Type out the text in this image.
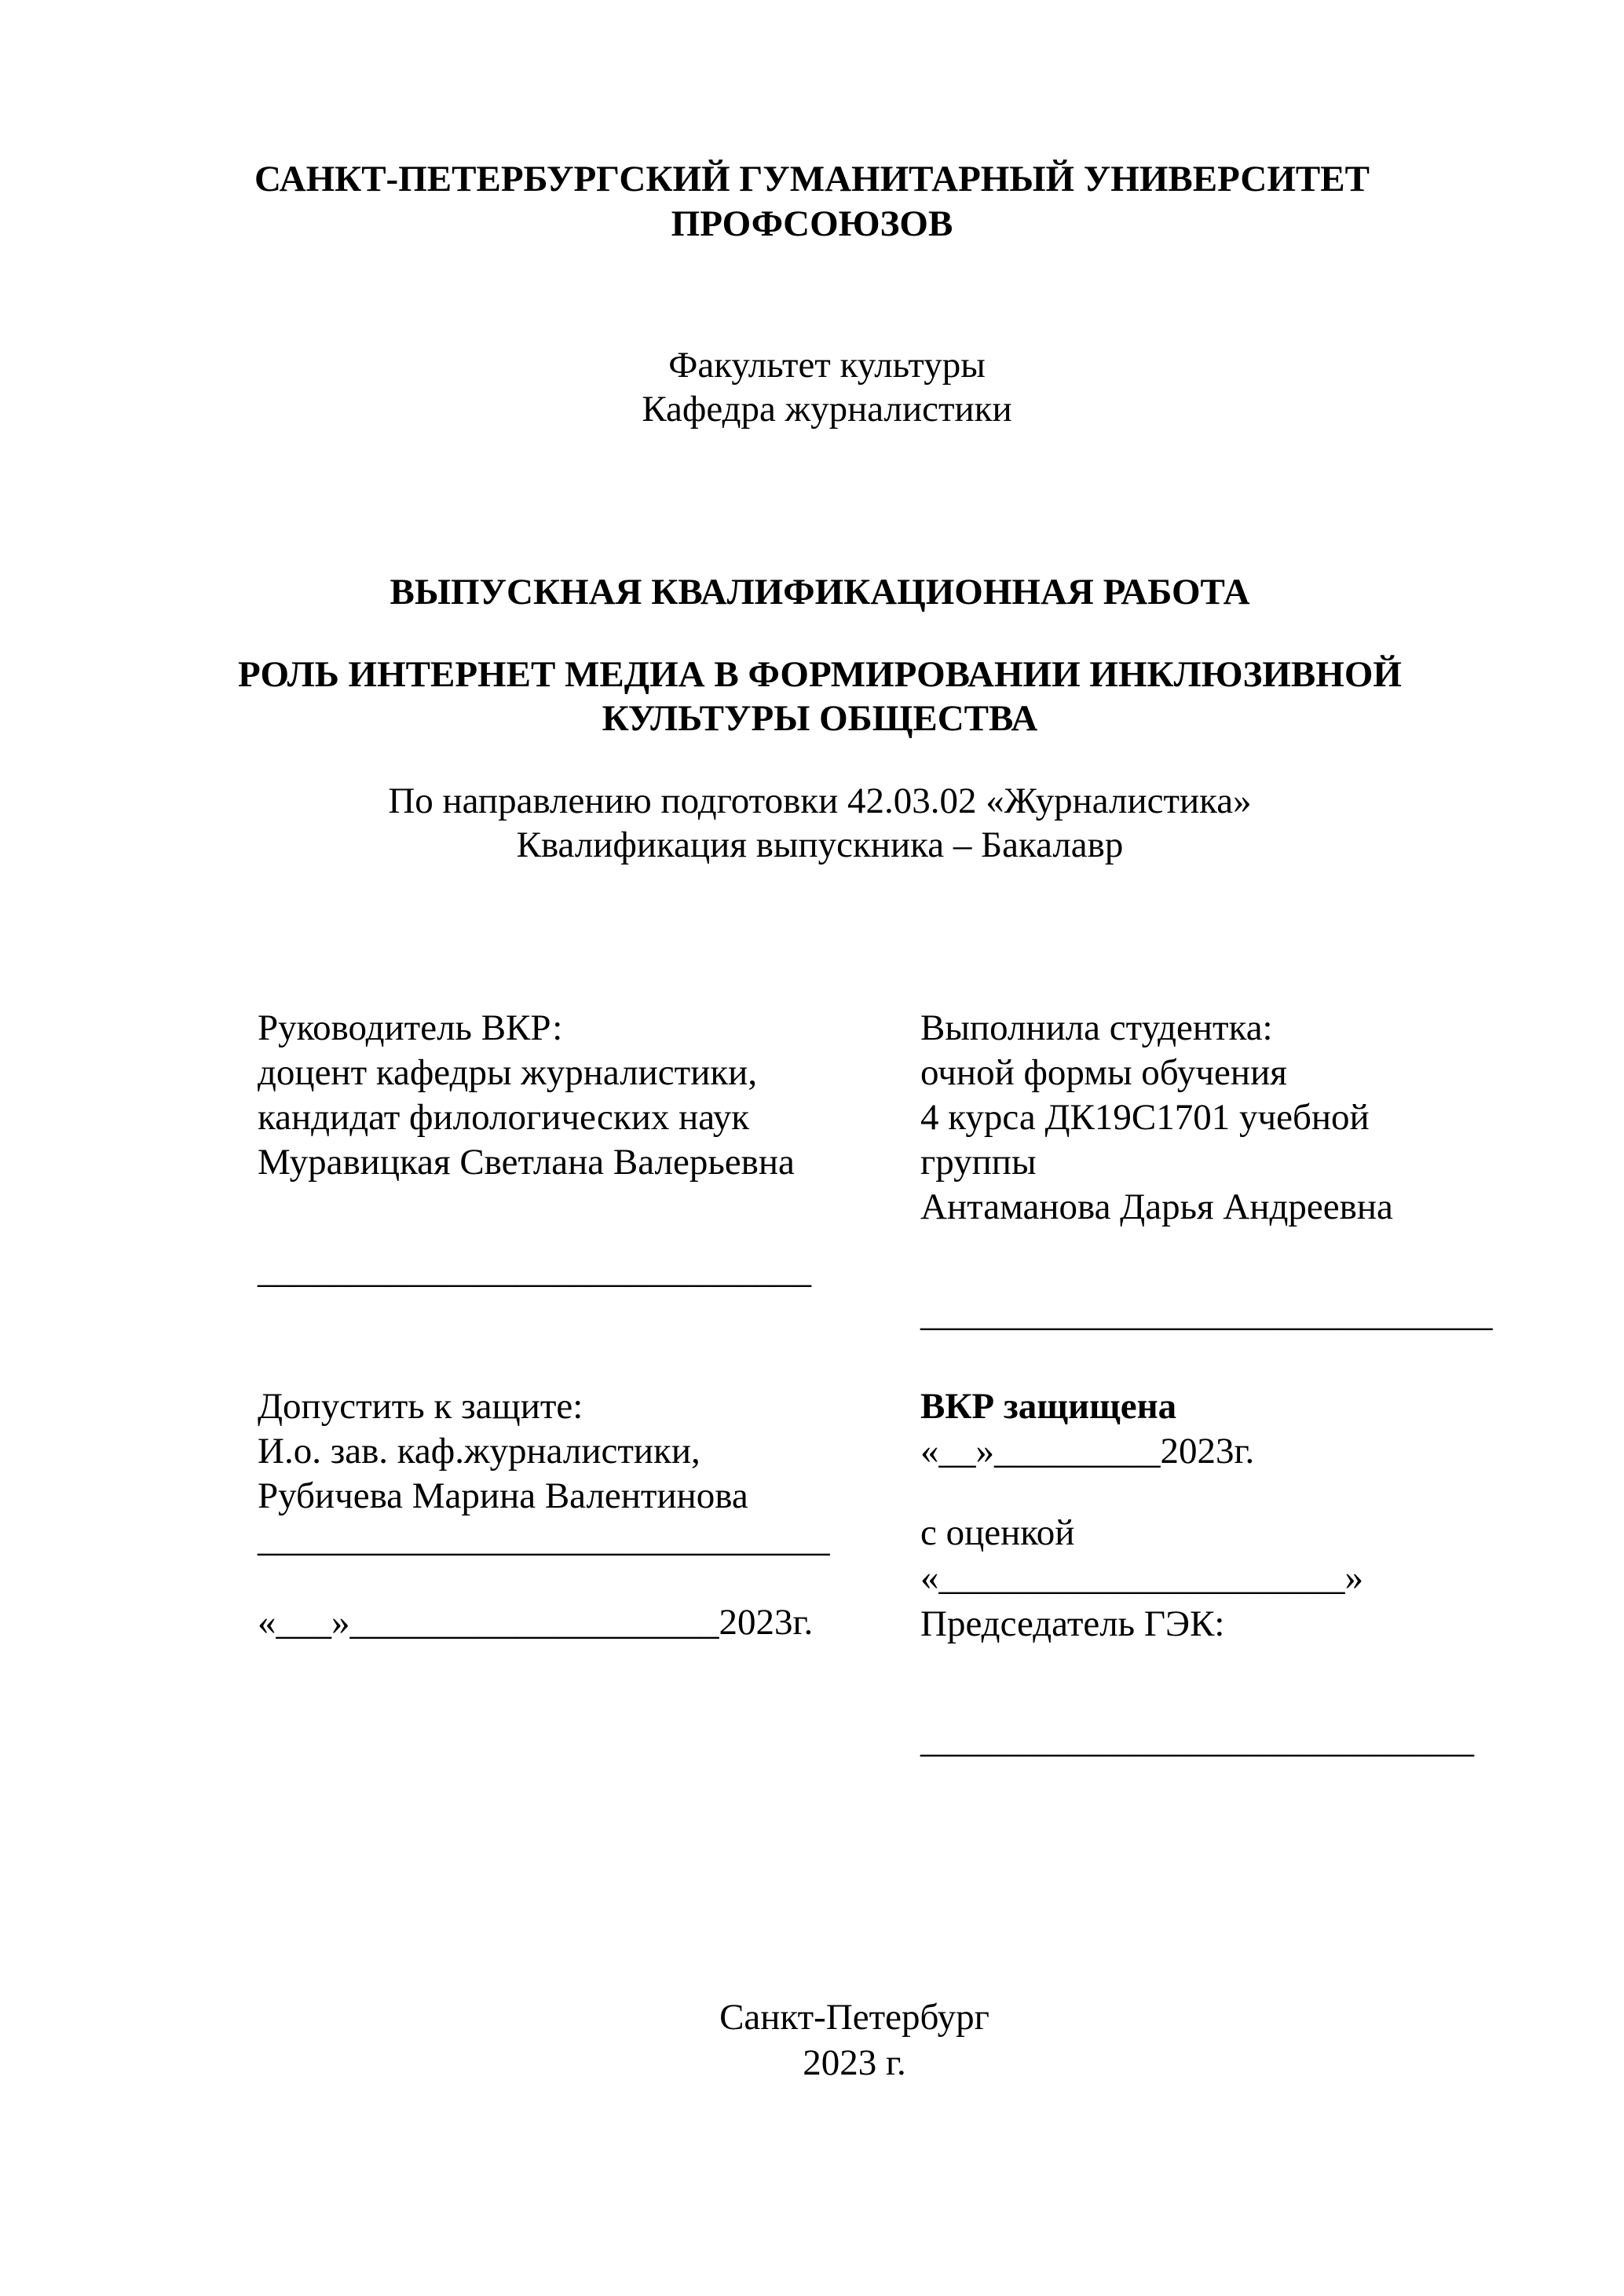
САНКТ-ПЕТЕРБУРГСКИЙ ГУМАНИТАРНЫЙ УНИВЕРСИТЕТ
ПРОФСОЮЗОВ
Факультет культуры
Кафедра журналистики
ВЫПУСКНАЯ КВАЛИФИКАЦИОННАЯ РАБОТА
РОЛЬ ИНТЕРНЕТ МЕДИА В ФОРМИРОВАНИИ ИНКЛЮЗИВНОЙ
КУЛЬТУРЫ ОБЩЕСТВА
По направлению подготовки 42.03.02 «Журналистика»
Квалификация выпускника – Бакалавр
Руководитель ВКР:
доцент кафедры журналистики,
кандидат филологических наук
Муравицкая Светлана Валерьевна
______________________________
Выполнила студентка:
очной формы обучения
4 курса ДК19С1701 учебной
группы
Антаманова Дарья Андреевна
_______________________________
Допустить к защите:
И.о. зав. каф.журналистики,
Рубичева Марина Валентинова
_______________________________
«___»____________________2023г.
ВКР защищена
«__»_________2023г.
с оценкой
«______________________»
Председатель ГЭК:
______________________________
Санкт-Петербург
2023 г.
